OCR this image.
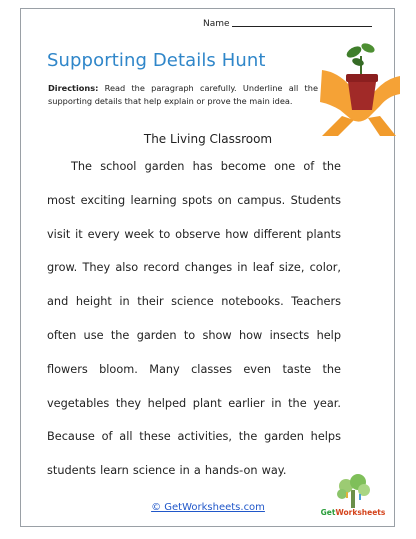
Name
Supporting Details Hunt
Directions: Read the paragraph carefully. Underline all the supporting details that help explain or prove the main idea.
The Living Classroom
The school garden has become one of the most exciting learning spots on campus. Students visit it every week to observe how different plants grow. They also record changes in leaf size, color, and height in their science notebooks. Teachers often use the garden to show how insects help flowers bloom. Many classes even taste the vegetables they helped plant earlier in the year. Because of all these activities, the garden helps students learn science in a hands-on way.
© GetWorksheets.com	GetWorksheets
